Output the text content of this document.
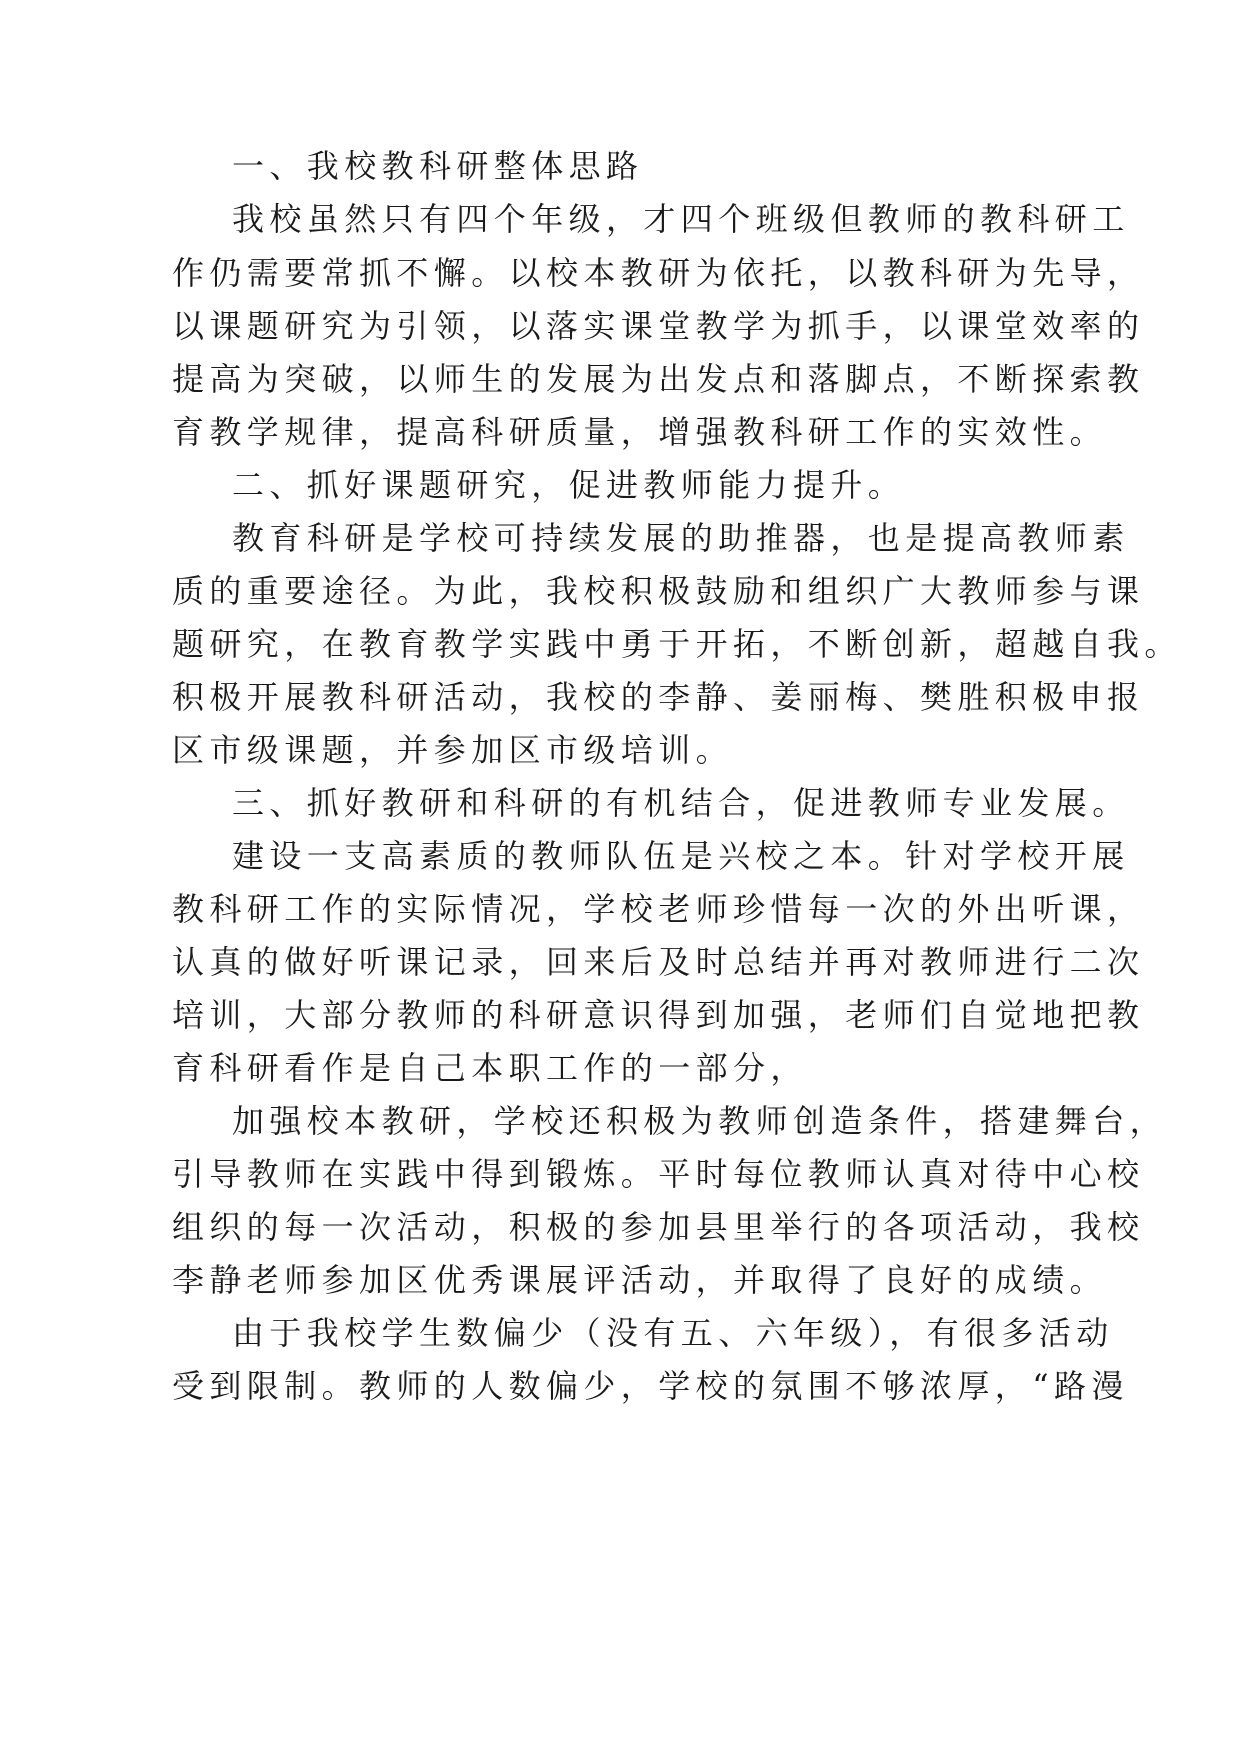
一、我校教科研整体思路
我校虽然只有四个年级，才四个班级但教师的教科研工
作仍需要常抓不懈。以校本教研为依托，以教科研为先导，
以课题研究为引领，以落实课堂教学为抓手，以课堂效率的
提高为突破，以师生的发展为出发点和落脚点，不断探索教
育教学规律，提高科研质量，增强教科研工作的实效性。
二、抓好课题研究，促进教师能力提升。
教育科研是学校可持续发展的助推器，也是提高教师素
质的重要途径。为此，我校积极鼓励和组织广大教师参与课
题研究，在教育教学实践中勇于开拓，不断创新，超越自我。
积极开展教科研活动，我校的李静、姜丽梅、樊胜积极申报
区市级课题，并参加区市级培训。
三、抓好教研和科研的有机结合，促进教师专业发展。
建设一支高素质的教师队伍是兴校之本。针对学校开展
教科研工作的实际情况，学校老师珍惜每一次的外出听课，
认真的做好听课记录，回来后及时总结并再对教师进行二次
培训，大部分教师的科研意识得到加强，老师们自觉地把教
育科研看作是自己本职工作的一部分，
加强校本教研，学校还积极为教师创造条件，搭建舞台，
引导教师在实践中得到锻炼。平时每位教师认真对待中心校
组织的每一次活动，积极的参加县里举行的各项活动，我校
李静老师参加区优秀课展评活动，并取得了良好的成绩。
由于我校学生数偏少（没有五、六年级），有很多活动
受到限制。教师的人数偏少，学校的氛围不够浓厚，“路漫
